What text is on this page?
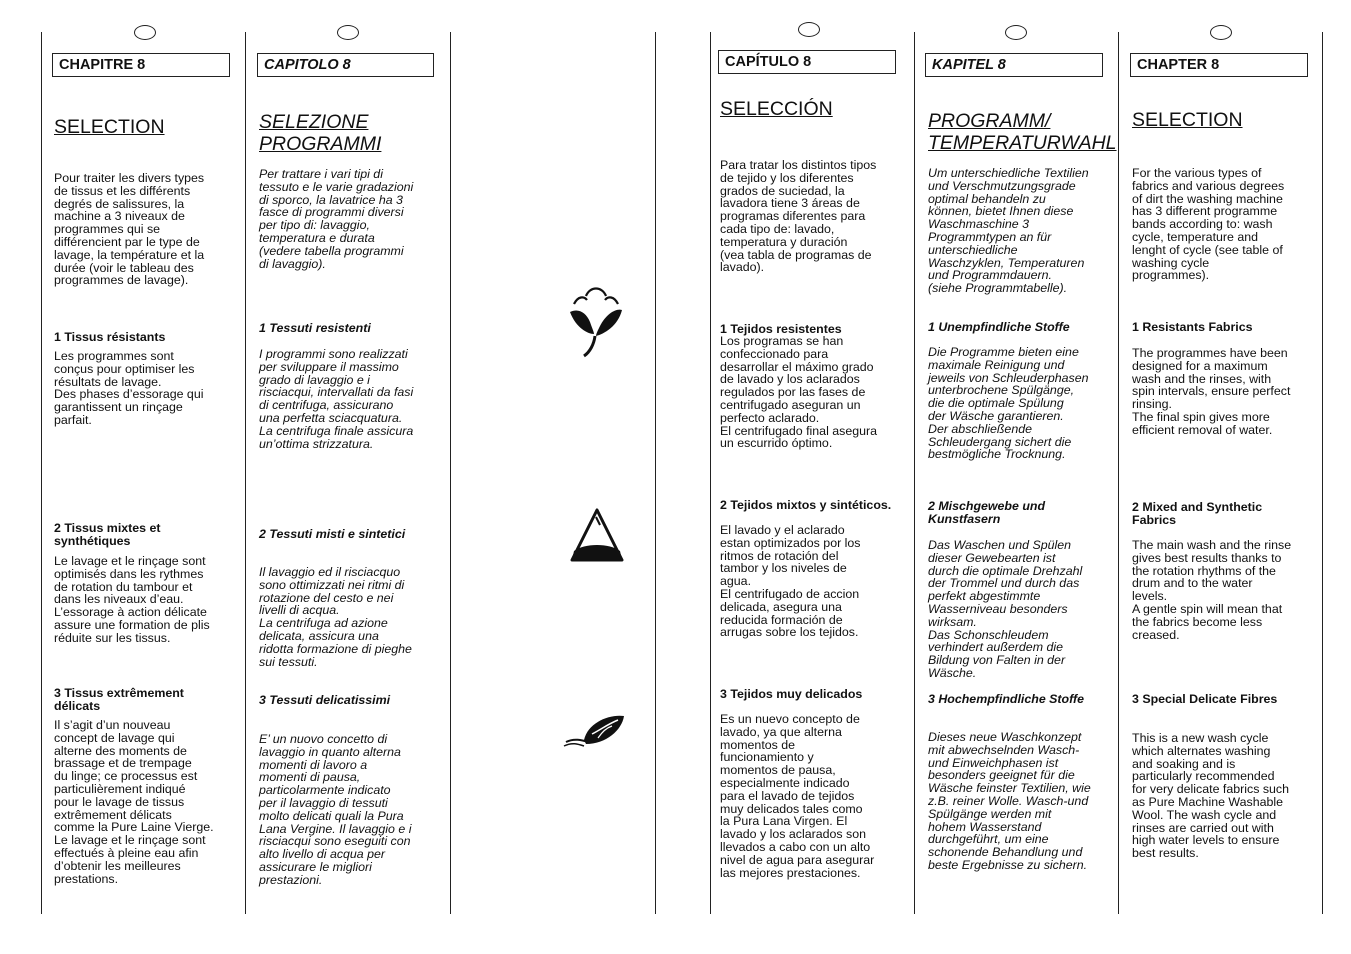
CHAPITRE 8
SELECTION
Pour traiter les divers types
de tissus et les différents
degrés de salissures, la
machine a 3 niveaux de
programmes qui se
différencient par le type de
lavage, la température et la
durée (voir le tableau des
programmes de lavage).
1 Tissus résistants
Les programmes sont
conçus pour optimiser les
résultats de lavage.
Des phases d’essorage qui
garantissent un rinçage
parfait.
2 Tissus mixtes et
synthétiques
Le lavage et le rinçage sont
optimisés dans les rythmes
de rotation du tambour et
dans les niveaux d’eau.
L’essorage à action délicate
assure une formation de plis
réduite sur les tissus.
3 Tissus extrêmement
délicats
Il s’agit d’un nouveau
concept de lavage qui
alterne des moments de
brassage et de trempage
du linge; ce processus est
particulièrement indiqué
pour le lavage de tissus
extrêmement délicats
comme la Pure Laine Vierge.
Le lavage et le rinçage sont
effectués à pleine eau afin
d’obtenir les meilleures
prestations.
CAPITOLO 8
SELEZIONE
PROGRAMMI
Per trattare i vari tipi di
tessuto e le varie gradazioni
di sporco, la lavatrice ha 3
fasce di programmi diversi
per tipo di: lavaggio,
temperatura e durata
(vedere tabella programmi
di lavaggio).
1 Tessuti resistenti
I programmi sono realizzati
per sviluppare il massimo
grado di lavaggio e i
risciacqui, intervallati da fasi
di centrifuga, assicurano
una perfetta sciacquatura.
La centrifuga finale assicura
un’ottima strizzatura.
2 Tessuti misti e sintetici
Il lavaggio ed il risciacquo
sono ottimizzati nei ritmi di
rotazione del cesto e nei
livelli di acqua.
La centrifuga ad azione
delicata, assicura una
ridotta formazione di pieghe
sui tessuti.
3 Tessuti delicatissimi
E’ un nuovo concetto di
lavaggio in quanto alterna
momenti di lavoro a
momenti di pausa,
particolarmente indicato
per il lavaggio di tessuti
molto delicati quali la Pura
Lana Vergine. Il lavaggio e i
risciacqui sono eseguiti con
alto livello di acqua per
assicurare le migliori
prestazioni.
CAPÍTULO 8
SELECCIÓN
Para tratar los distintos tipos
de tejido y los diferentes
grados de suciedad, la
lavadora tiene 3 áreas de
programas diferentes para
cada tipo de: lavado,
temperatura y duración
(vea tabla de programas de
lavado).
1 Tejidos resistentes
Los programas se han
confeccionado para
desarrollar el máximo grado
de lavado y los aclarados
regulados por las fases de
centrifugado aseguran un
perfecto aclarado.
El centrifugado final asegura
un escurrido óptimo.
2 Tejidos mixtos y sintéticos.
El lavado y el aclarado
estan optimizados por los
ritmos de rotación del
tambor y los niveles de
agua.
El centrifugado de accion
delicada, asegura una
reducida formación de
arrugas sobre los tejidos.
3 Tejidos muy delicados
Es un nuevo concepto de
lavado, ya que alterna
momentos de
funcionamiento y
momentos de pausa,
especialmente indicado
para el lavado de tejidos
muy delicados tales como
la Pura Lana Virgen. El
lavado y los aclarados son
llevados a cabo con un alto
nivel de agua para asegurar
las mejores prestaciones.
KAPITEL 8
PROGRAMM/
TEMPERATURWAHL
Um unterschiedliche Textilien
und Verschmutzungsgrade
optimal behandeln zu
können, bietet Ihnen diese
Waschmaschine 3
Programmtypen an für
unterschiedliche
Waschzyklen, Temperaturen
und Programmdauern.
(siehe Programmtabelle).
1 Unempfindliche Stoffe
Die Programme bieten eine
maximale Reinigung und
jeweils von Schleuderphasen
unterbrochene Spülgänge,
die die optimale Spülung
der Wäsche garantieren.
Der abschließende
Schleudergang sichert die
bestmögliche Trocknung.
2 Mischgewebe und
Kunstfasern
Das Waschen und Spülen
dieser Gewebearten ist
durch die optimale Drehzahl
der Trommel und durch das
perfekt abgestimmte
Wasserniveau besonders
wirksam.
Das Schonschleudem
verhindert außerdem die
Bildung von Falten in der
Wäsche.
3 Hochempfindliche Stoffe
Dieses neue Waschkonzept
mit abwechselnden Wasch-
und Einweichphasen ist
besonders geeignet für die
Wäsche feinster Textilien, wie
z.B. reiner Wolle. Wasch-und
Spülgänge werden mit
hohem Wasserstand
durchgeführt, um eine
schonende Behandlung und
beste Ergebnisse zu sichern.
CHAPTER 8
SELECTION
For the various types of
fabrics and various degrees
of dirt the washing machine
has 3 different programme
bands according to: wash
cycle, temperature and
lenght of cycle (see table of
washing cycle
programmes).
1 Resistants Fabrics
The programmes have been
designed for a maximum
wash and the rinses, with
spin intervals, ensure perfect
rinsing.
The final spin gives more
efficient removal of water.
2 Mixed and Synthetic
Fabrics
The main wash and the rinse
gives best results thanks to
the rotation rhythms of the
drum and to the water
levels.
A gentle spin will mean that
the fabrics become less
creased.
3 Special Delicate Fibres
This is a new wash cycle
which alternates washing
and soaking and is
particularly recommended
for very delicate fabrics such
as Pure Machine Washable
Wool. The wash cycle and
rinses are carried out with
high water levels to ensure
best results.
